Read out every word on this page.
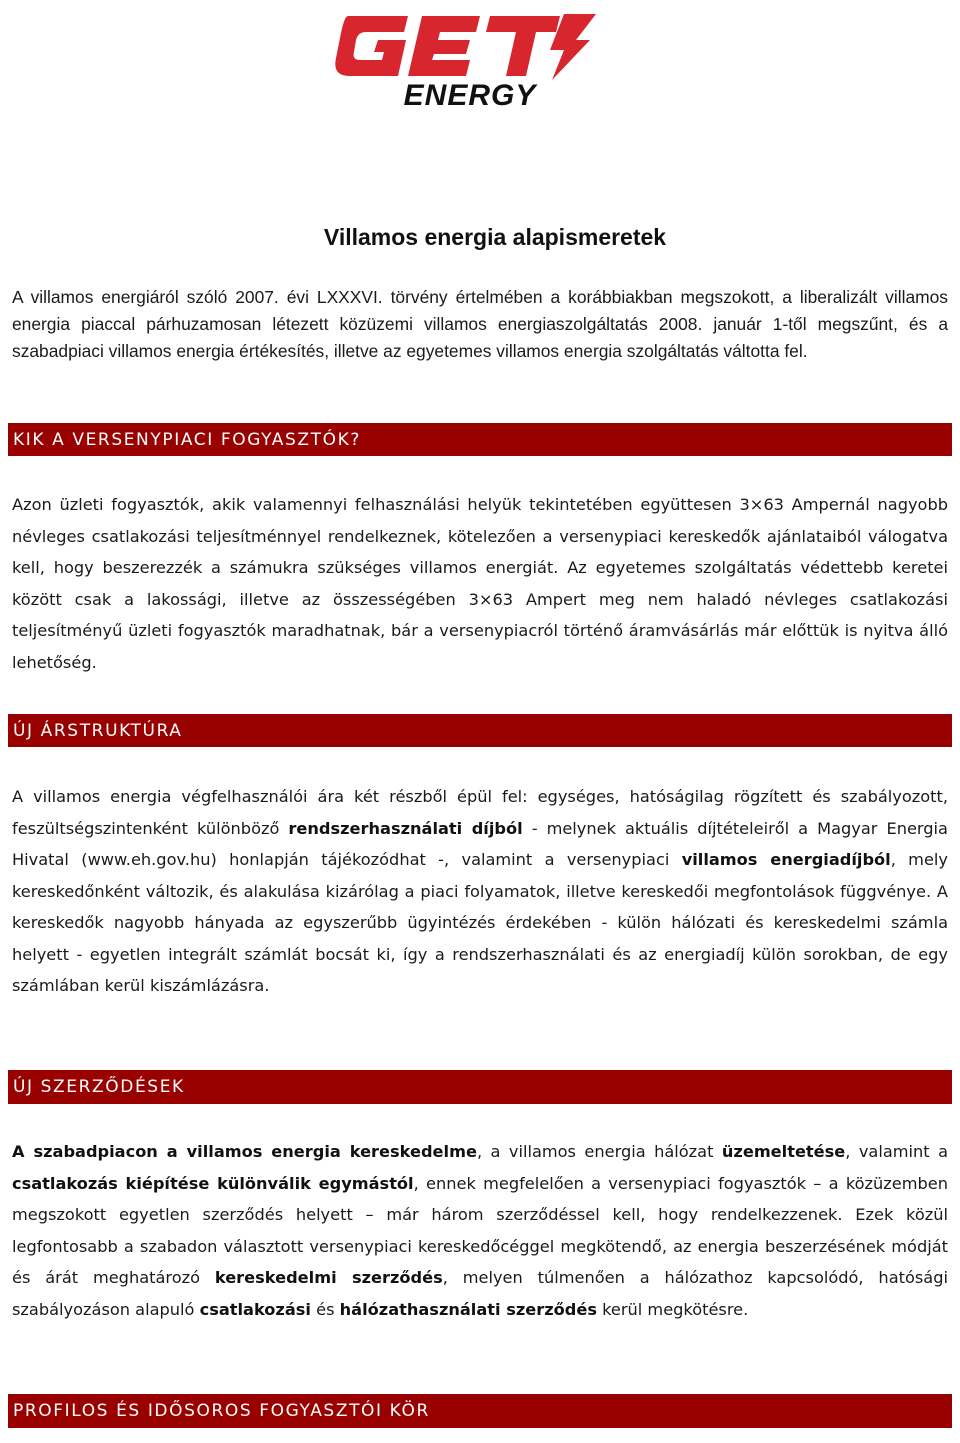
ENERGY
Villamos energia alapismeretek

A villamos energiáról szóló 2007. évi LXXXVI. törvény értelmében a korábbiakban megszokott, a liberalizált villamos energia piaccal párhuzamosan létezett közüzemi villamos energiaszolgáltatás 2008. január 1-től megszűnt, és a szabadpiaci villamos energia értékesítés, illetve az egyetemes villamos energia szolgáltatás váltotta fel.

KIK A VERSENYPIACI FOGYASZTÓK?

Azon üzleti fogyasztók, akik valamennyi felhasználási helyük tekintetében együttesen 3×63 Ampernál nagyobb névleges csatlakozási teljesítménnyel rendelkeznek, kötelezően a versenypiaci kereskedők ajánlataiból válogatva kell, hogy beszerezzék a számukra szükséges villamos energiát. Az egyetemes szolgáltatás védettebb keretei között csak a lakossági, illetve az összességében 3×63 Ampert meg nem haladó névleges csatlakozási teljesítményű üzleti fogyasztók maradhatnak, bár a versenypiacról történő áramvásárlás már előttük is nyitva álló lehetőség.

ÚJ ÁRSTRUKTÚRA

A villamos energia végfelhasználói ára két részből épül fel: egységes, hatóságilag rögzített és szabályozott, feszültségszintenként különböző rendszerhasználati díjból - melynek aktuális díjtételeiről a Magyar Energia Hivatal (www.eh.gov.hu) honlapján tájékozódhat -, valamint a versenypiaci villamos energiadíjból, mely kereskedőnként változik, és alakulása kizárólag a piaci folyamatok, illetve kereskedői megfontolások függvénye. A kereskedők nagyobb hányada az egyszerűbb ügyintézés érdekében - külön hálózati és kereskedelmi számla helyett - egyetlen integrált számlát bocsát ki, így a rendszerhasználati és az energiadíj külön sorokban, de egy számlában kerül kiszámlázásra.

ÚJ SZERZŐDÉSEK

A szabadpiacon a villamos energia kereskedelme, a villamos energia hálózat üzemeltetése, valamint a csatlakozás kiépítése különválik egymástól, ennek megfelelően a versenypiaci fogyasztók – a közüzemben megszokott egyetlen szerződés helyett – már három szerződéssel kell, hogy rendelkezzenek. Ezek közül legfontosabb a szabadon választott versenypiaci kereskedőcéggel megkötendő, az energia beszerzésének módját és árát meghatározó kereskedelmi szerződés, melyen túlmenően a hálózathoz kapcsolódó, hatósági szabályozáson alapuló csatlakozási és hálózathasználati szerződés kerül megkötésre.

PROFILOS ÉS IDŐSOROS FOGYASZTÓI KÖR
